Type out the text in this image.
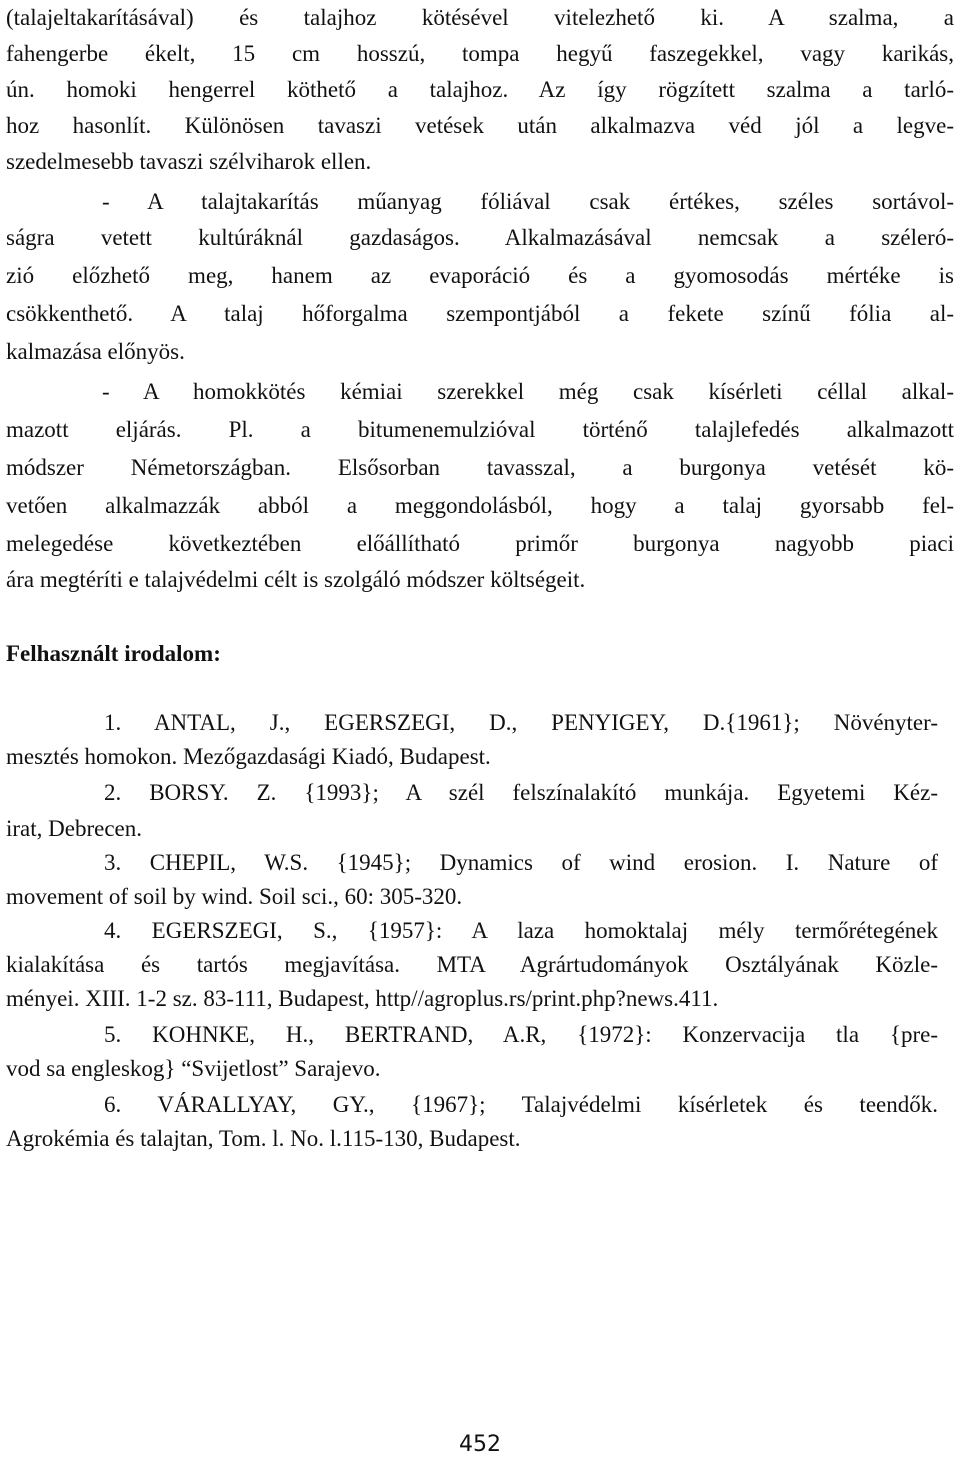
(talajeltakarításával) és talajhoz kötésével vitelezhető ki. A szalma, a

fahengerbe ékelt, 15 cm hosszú, tompa hegyű faszegekkel, vagy karikás,

ún. homoki hengerrel köthető a talajhoz. Az így rögzített szalma a tarló-

hoz hasonlít. Különösen tavaszi vetések után alkalmazva véd jól a legve-

szedelmesebb tavaszi szélviharok ellen.

- A talajtakarítás műanyag fóliával csak értékes, széles sortávol-

ságra vetett kultúráknál gazdaságos. Alkalmazásával nemcsak a széleró-

zió előzhető meg, hanem az evaporáció és a gyomosodás mértéke is

csökkenthető. A talaj hőforgalma szempontjából a fekete színű fólia al-

kalmazása előnyös.

- A homokkötés kémiai szerekkel még csak kísérleti céllal alkal-

mazott eljárás. Pl. a bitumenemulzióval történő talajlefedés alkalmazott

módszer Németországban. Elsősorban tavasszal, a burgonya vetését kö-

vetően alkalmazzák abból a meggondolásból, hogy a talaj gyorsabb fel-

melegedése következtében előállítható primőr burgonya nagyobb piaci

ára megtéríti e talajvédelmi célt is szolgáló módszer költségeit.

Felhasznált irodalom:

1. ANTAL, J., EGERSZEGI, D., PENYIGEY, D.{1961}; Növényter-

mesztés homokon. Mezőgazdasági Kiadó, Budapest.

2. BORSY. Z. {1993}; A szél felszínalakító munkája. Egyetemi Kéz-

irat, Debrecen.

3. CHEPIL, W.S. {1945}; Dynamics of wind erosion. I. Nature of

movement of soil by wind. Soil sci., 60: 305-320.

4. EGERSZEGI, S., {1957}: A laza homoktalaj mély termőrétegének

kialakítása és tartós megjavítása. MTA Agrártudományok Osztályának Közle-

ményei. XIII. 1-2 sz. 83-111, Budapest, http//agroplus.rs/print.php?news.411.

5. KOHNKE, H., BERTRAND, A.R, {1972}: Konzervacija tla {pre-

vod sa engleskog} “Svijetlost” Sarajevo.

6. VÁRALLYAY, GY., {1967}; Talajvédelmi kísérletek és teendők.

Agrokémia és talajtan, Tom. l. No. l.115-130, Budapest.

452
